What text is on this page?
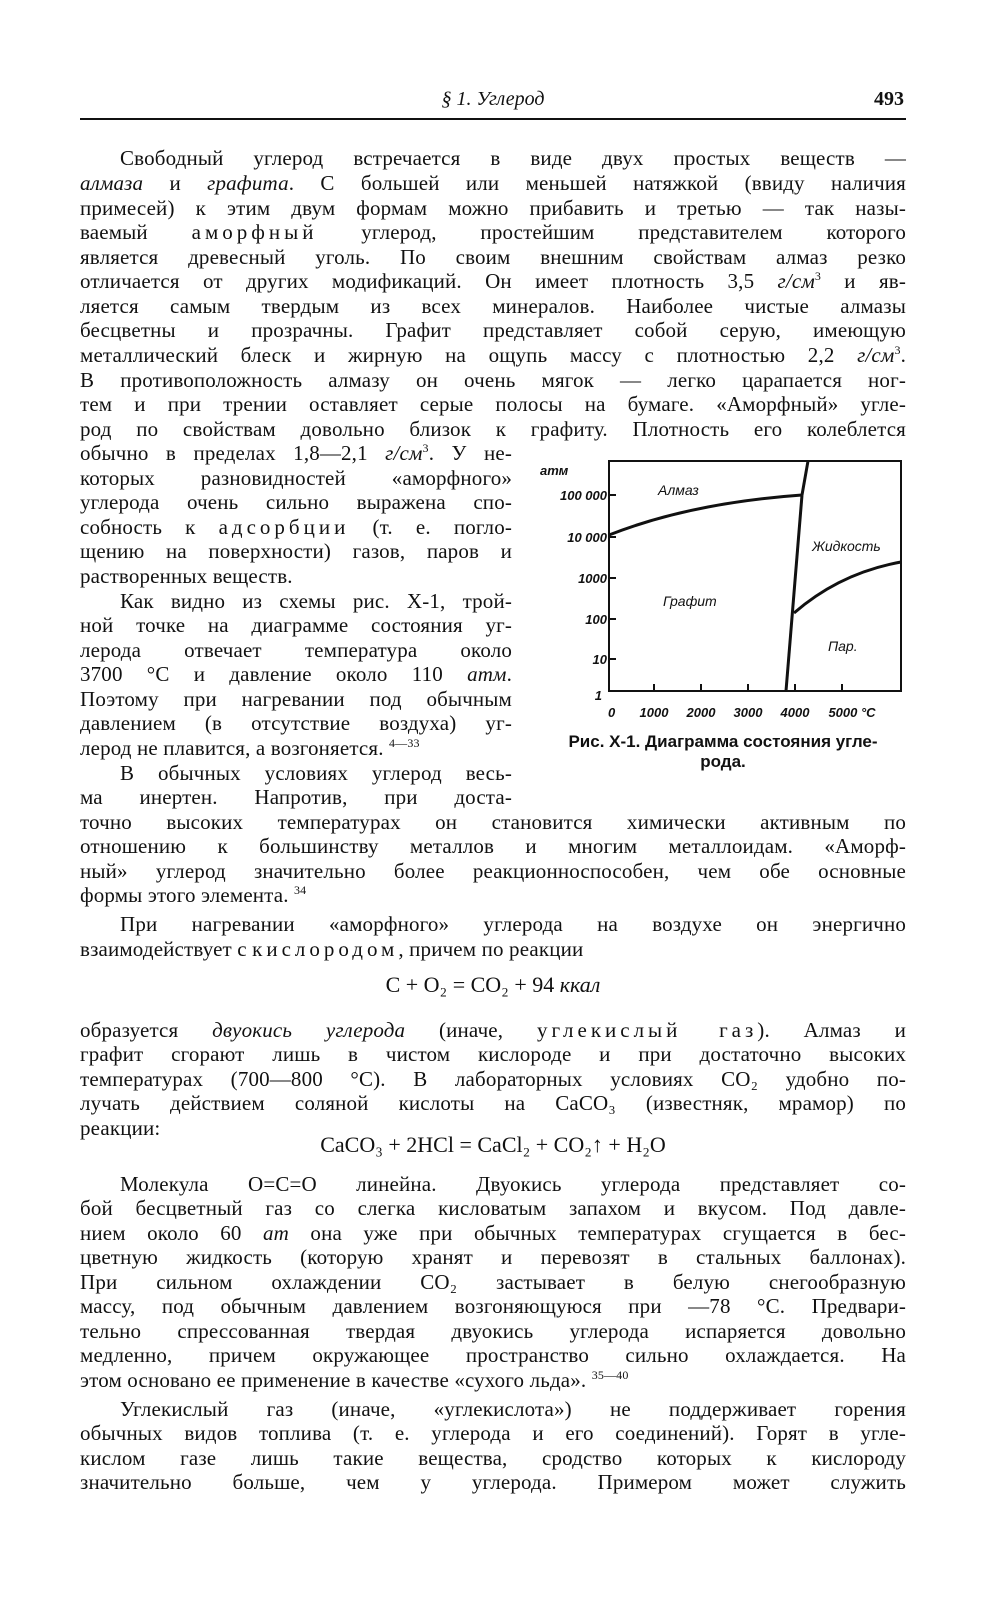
§ 1. Углерод	493
Свободный углерод встречается в виде двух простых веществ —
алмаза и графита. С большей или меньшей натяжкой (ввиду наличия
примесей) к этим двум формам можно прибавить и третью — так назы-
ваемый аморфный углерод, простейшим представителем которого
является древесный уголь. По своим внешним свойствам алмаз резко
отличается от других модификаций. Он имеет плотность 3,5 $г/см^3$ и яв-
ляется самым твердым из всех минералов. Наиболее чистые алмазы
бесцветны и прозрачны. Графит представляет собой серую, имеющую
металлический блеск и жирную на ощупь массу с плотностью 2,2 $г/см^3$.
В противоположность алмазу он очень мягок — легко царапается ног-
тем и при трении оставляет серые полосы на бумаге. «Аморфный» угле-
род по свойствам довольно близок к графиту. Плотность его колеблется
обычно в пределах 1,8—2,1 $г/см^3$. У не-
которых разновидностей «аморфного»
углерода очень сильно выражена спо-
собность к адсорбции (т. е. погло-
щению на поверхности) газов, паров и
растворенных веществ.
Как видно из схемы рис. X-1, трой-
ной точке на диаграмме состояния уг-
лерода отвечает температура около
3700 °С и давление около 110 атм.
Поэтому при нагревании под обычным
давлением (в отсутствие воздуха) уг-
лерод не плавится, а возгоняется. $^{4—33}$
В обычных условиях углерод весь-
ма инертен. Напротив, при доста-
точно высоких температурах он становится химически активным по
отношению к большинству металлов и многим металлоидам. «Аморф-
ный» углерод значительно более реакционноспособен, чем обе основные
формы этого элемента. $^{34}$
При нагревании «аморфного» углерода на воздухе он энергично
взаимодействует с кислородом, причем по реакции
C + O₂ = CO₂ + 94 ккал
образуется двуокись углерода (иначе, углекислый газ). Алмаз и
графит сгорают лишь в чистом кислороде и при достаточно высоких
температурах (700—800 °С). В лабораторных условиях CO₂ удобно по-
лучать действием соляной кислоты на CaCO₃ (известняк, мрамор) по
реакции:
CaCO₃ + 2HCl = CaCl₂ + CO₂↑ + H₂O
Молекула O=C=O линейна. Двуокись углерода представляет со-
бой бесцветный газ со слегка кисловатым запахом и вкусом. Под давле-
нием около 60 ат она уже при обычных температурах сгущается в бес-
цветную жидкость (которую хранят и перевозят в стальных баллонах).
При сильном охлаждении CO₂ застывает в белую снегообразную
массу, под обычным давлением возгоняющуюся при —78 °С. Предвари-
тельно спрессованная твердая двуокись углерода испаряется довольно
медленно, причем окружающее пространство сильно охлаждается. На
этом основано ее применение в качестве «сухого льда». $^{35—40}$
Углекислый газ (иначе, «углекислота») не поддерживает горения
обычных видов топлива (т. е. углерода и его соединений). Горят в угле-
кислом газе лишь такие вещества, сродство которых к кислороду
значительно больше, чем у углерода. Примером может служить
атм
100 000
10 000
1000
100
10
1
0 1000 2000 3000 4000 5000 °С
Алмаз
Жидкость
Графит
Пар.
Рис. X-1. Диаграмма состояния угле-
рода.
